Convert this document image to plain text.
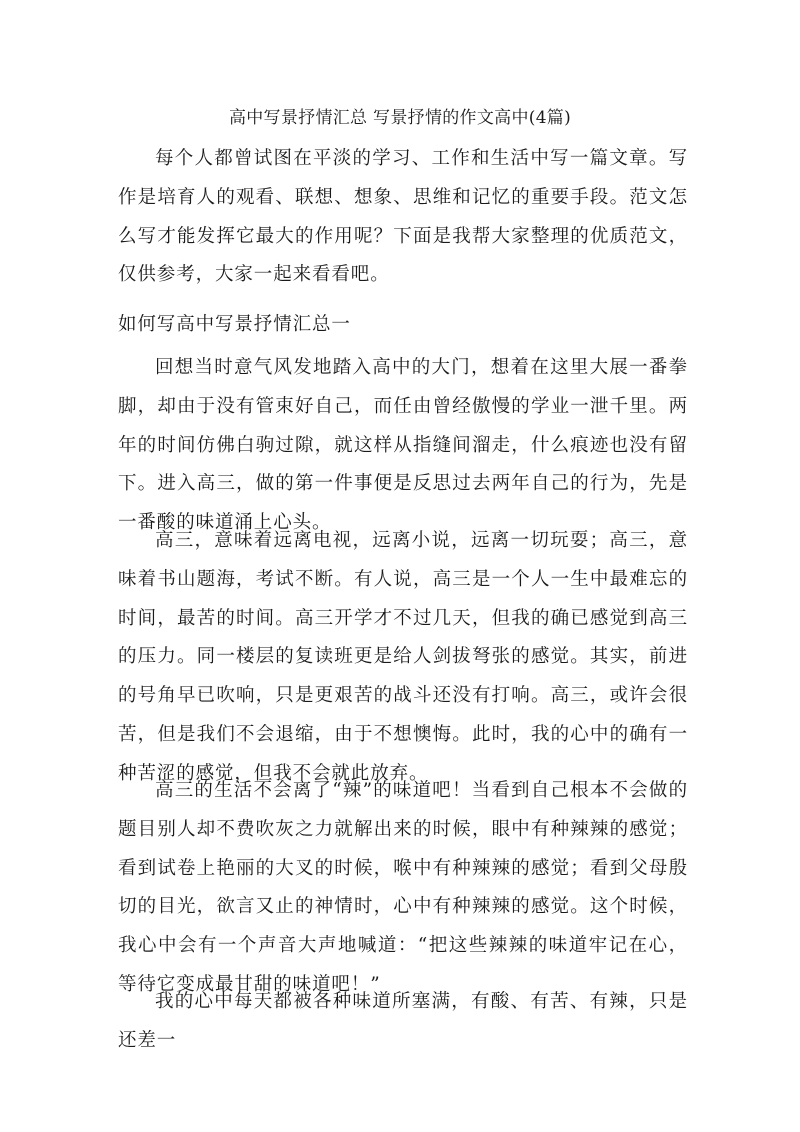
高中写景抒情汇总 写景抒情的作文高中(4篇)

每个人都曾试图在平淡的学习、工作和生活中写一篇文章。写作是培育人的观看、联想、想象、思维和记忆的重要手段。范文怎么写才能发挥它最大的作用呢？下面是我帮大家整理的优质范文，仅供参考，大家一起来看看吧。

如何写高中写景抒情汇总一

回想当时意气风发地踏入高中的大门，想着在这里大展一番拳脚，却由于没有管束好自己，而任由曾经傲慢的学业一泄千里。两年的时间仿佛白驹过隙，就这样从指缝间溜走，什么痕迹也没有留下。进入高三，做的第一件事便是反思过去两年自己的行为，先是一番酸的味道涌上心头。

高三，意味着远离电视，远离小说，远离一切玩耍；高三，意味着书山题海，考试不断。有人说，高三是一个人一生中最难忘的时间，最苦的时间。高三开学才不过几天，但我的确已感觉到高三的压力。同一楼层的复读班更是给人剑拔弩张的感觉。其实，前进的号角早已吹响，只是更艰苦的战斗还没有打响。高三，或许会很苦，但是我们不会退缩，由于不想懊悔。此时，我的心中的确有一种苦涩的感觉，但我不会就此放弃。

高三的生活不会离了“辣”的味道吧！当看到自己根本不会做的题目别人却不费吹灰之力就解出来的时候，眼中有种辣辣的感觉；看到试卷上艳丽的大叉的时候，喉中有种辣辣的感觉；看到父母殷切的目光，欲言又止的神情时，心中有种辣辣的感觉。这个时候，我心中会有一个声音大声地喊道：“把这些辣辣的味道牢记在心，等待它变成最甘甜的味道吧！”

我的心中每天都被各种味道所塞满，有酸、有苦、有辣，只是还差一
